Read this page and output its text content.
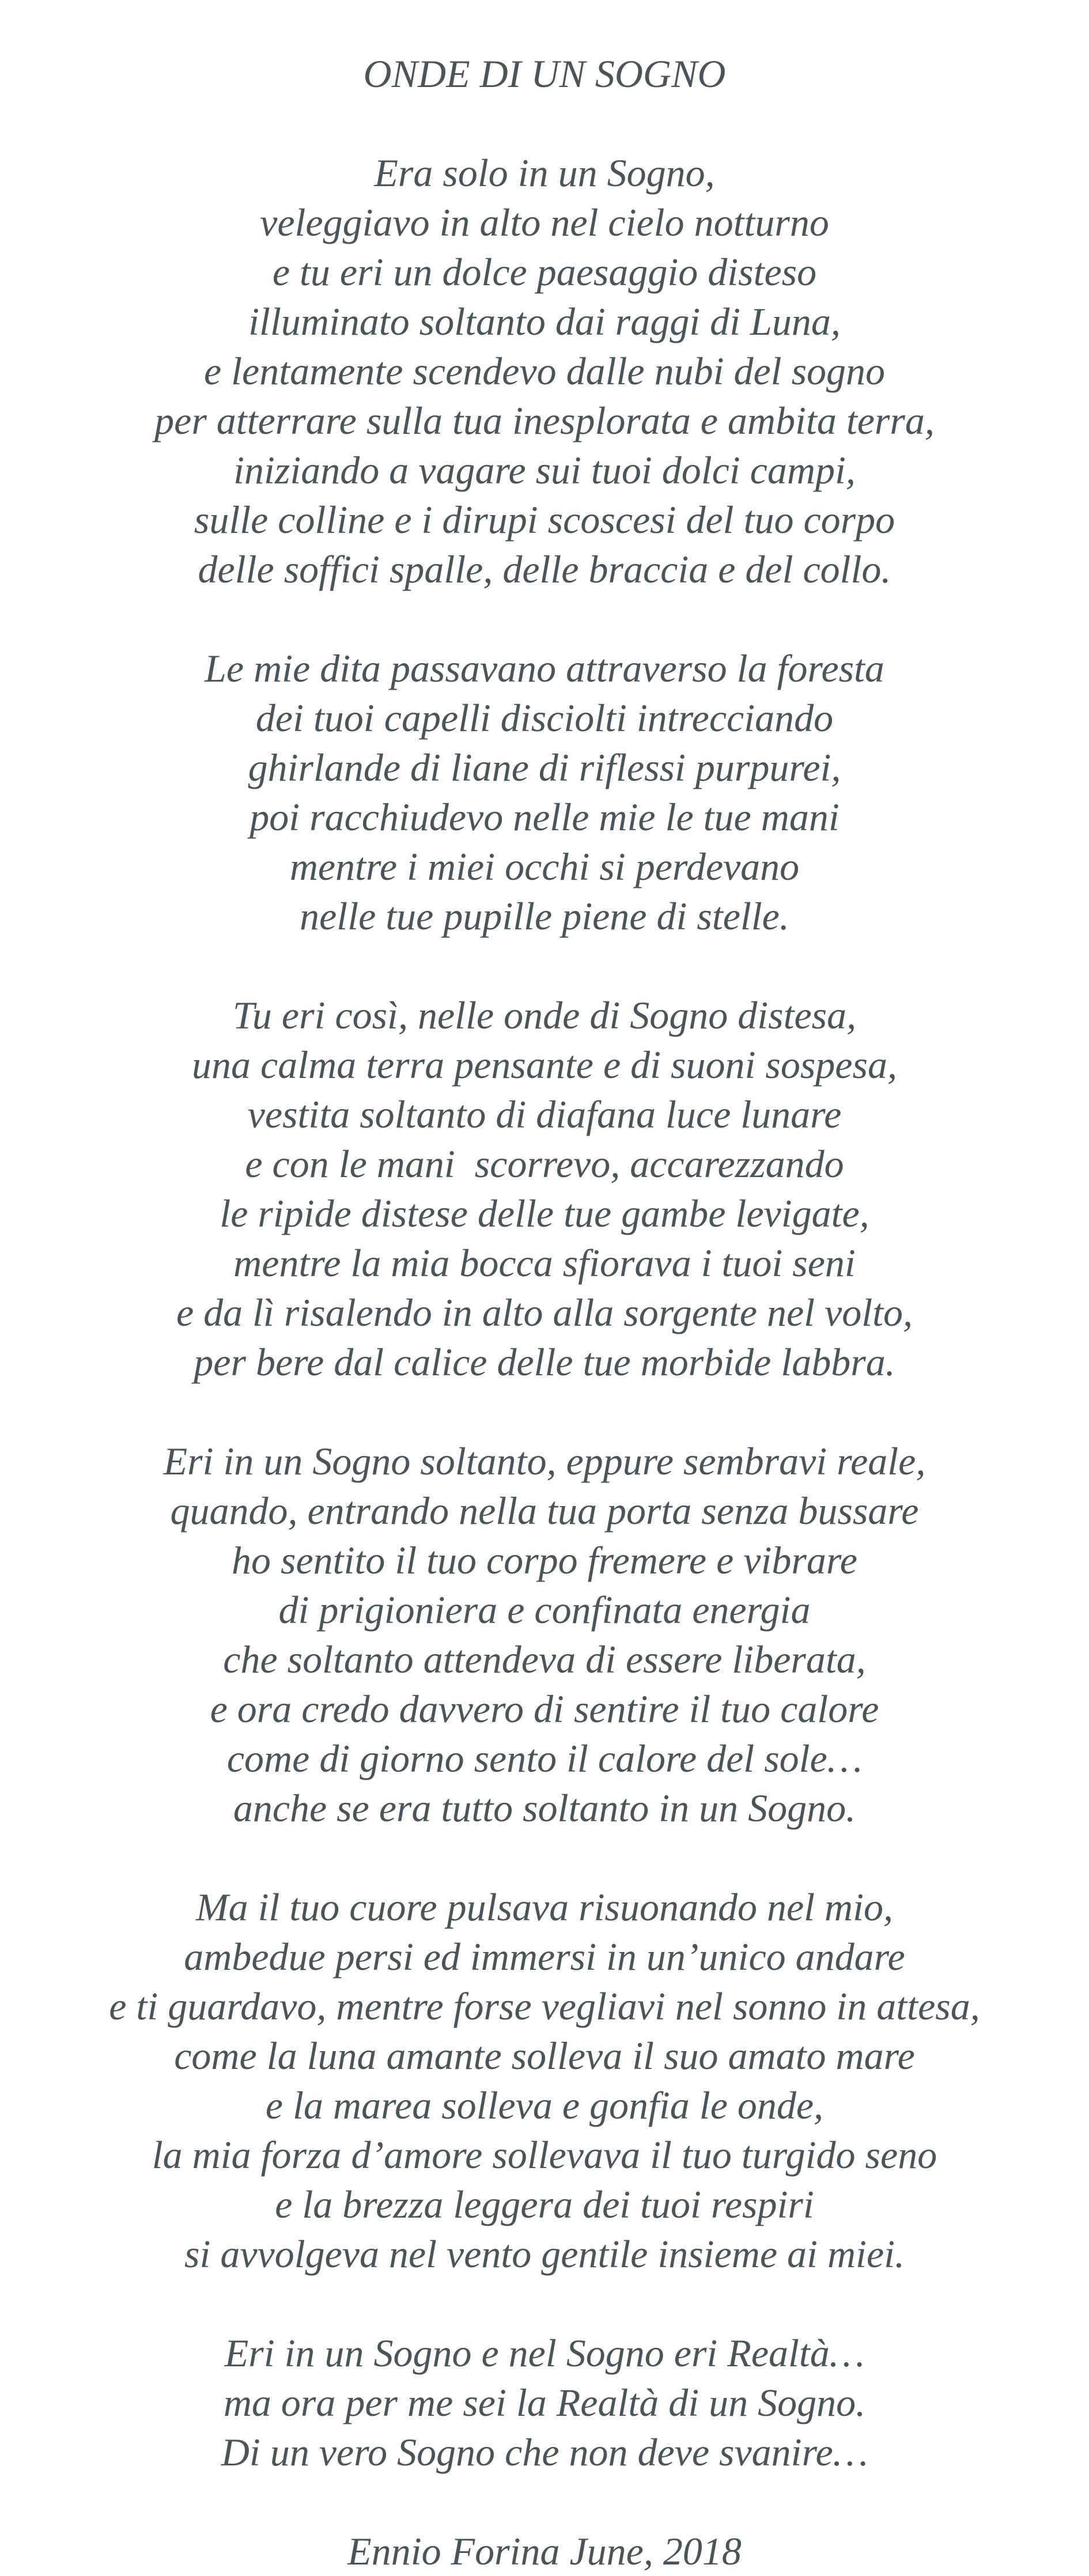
ONDE DI UN SOGNO
Era solo in un Sogno,
veleggiavo in alto nel cielo notturno
e tu eri un dolce paesaggio disteso
illuminato soltanto dai raggi di Luna,
e lentamente scendevo dalle nubi del sogno
per atterrare sulla tua inesplorata e ambita terra,
iniziando a vagare sui tuoi dolci campi,
sulle colline e i dirupi scoscesi del tuo corpo
delle soffici spalle, delle braccia e del collo.
Le mie dita passavano attraverso la foresta
dei tuoi capelli disciolti intrecciando
ghirlande di liane di riflessi purpurei,
poi racchiudevo nelle mie le tue mani
mentre i miei occhi si perdevano
nelle tue pupille piene di stelle.
Tu eri così, nelle onde di Sogno distesa,
una calma terra pensante e di suoni sospesa,
vestita soltanto di diafana luce lunare
e con le mani  scorrevo, accarezzando
le ripide distese delle tue gambe levigate,
mentre la mia bocca sfiorava i tuoi seni
e da lì risalendo in alto alla sorgente nel volto,
per bere dal calice delle tue morbide labbra.
Eri in un Sogno soltanto, eppure sembravi reale,
quando, entrando nella tua porta senza bussare
ho sentito il tuo corpo fremere e vibrare
di prigioniera e confinata energia
che soltanto attendeva di essere liberata,
e ora credo davvero di sentire il tuo calore
come di giorno sento il calore del sole…
anche se era tutto soltanto in un Sogno.
Ma il tuo cuore pulsava risuonando nel mio,
ambedue persi ed immersi in un’unico andare
e ti guardavo, mentre forse vegliavi nel sonno in attesa,
come la luna amante solleva il suo amato mare
e la marea solleva e gonfia le onde,
la mia forza d’amore sollevava il tuo turgido seno
e la brezza leggera dei tuoi respiri
si avvolgeva nel vento gentile insieme ai miei.
Eri in un Sogno e nel Sogno eri Realtà…
ma ora per me sei la Realtà di un Sogno.
Di un vero Sogno che non deve svanire…
Ennio Forina June, 2018
